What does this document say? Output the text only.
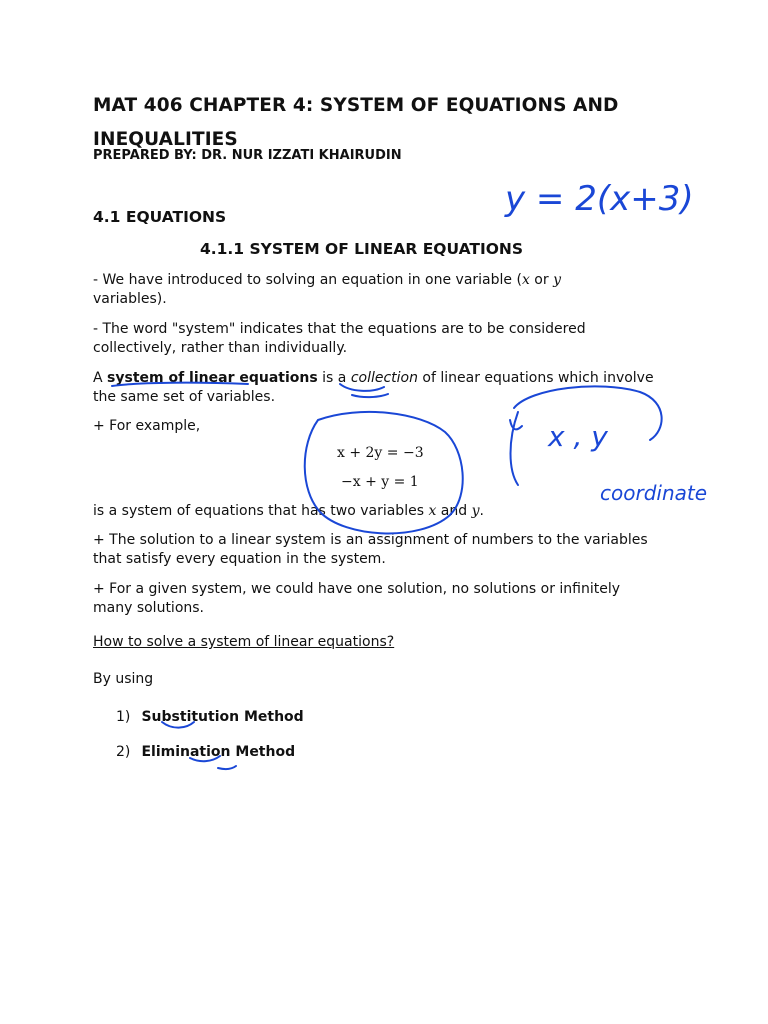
MAT 406 CHAPTER 4: SYSTEM OF EQUATIONS AND
INEQUALITIES
PREPARED BY: DR. NUR IZZATI KHAIRUDIN
4.1 EQUATIONS
4.1.1 SYSTEM OF LINEAR EQUATIONS
- We have introduced to solving an equation in one variable (x or y
variables).
- The word "system" indicates that the equations are to be considered
collectively, rather than individually.
A system of linear equations is a collection of linear equations which involve
the same set of variables.
+ For example,
x + 2y = −3
−x + y = 1
is a system of equations that has two variables x and y.
+ The solution to a linear system is an assignment of numbers to the variables
that satisfy every equation in the system.
+ For a given system, we could have one solution, no solutions or infinitely
many solutions.
How to solve a system of linear equations?
By using
1) Substitution Method
2) Elimination Method
y = 2(x+3)
x , y
coordinate
